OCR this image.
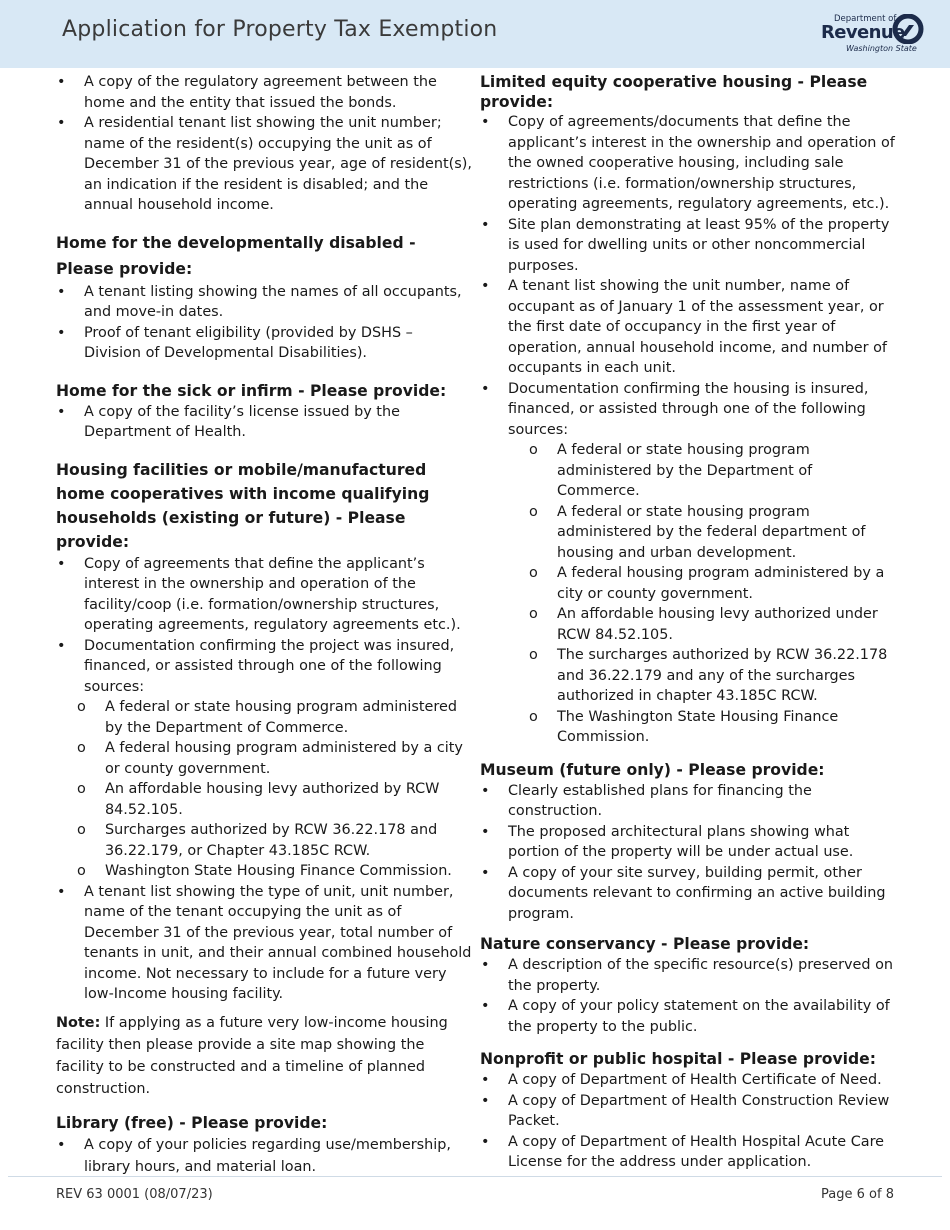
Application for Property Tax Exemption	Department of
Revenue
Washington State
• A copy of the regulatory agreement between the home and the entity that issued the bonds.
• A residential tenant list showing the unit number; name of the resident(s) occupying the unit as of December 31 of the previous year, age of resident(s), an indication if the resident is disabled; and the annual household income.
Home for the developmentally disabled - Please provide:
• A tenant listing showing the names of all occupants, and move-in dates.
• Proof of tenant eligibility (provided by DSHS – Division of Developmental Disabilities).
Home for the sick or infirm - Please provide:
• A copy of the facility’s license issued by the Department of Health.
Housing facilities or mobile/manufactured home cooperatives with income qualifying households (existing or future) - Please provide:
• Copy of agreements that define the applicant’s interest in the ownership and operation of the facility/coop (i.e. formation/ownership structures, operating agreements, regulatory agreements etc.).
• Documentation confirming the project was insured, financed, or assisted through one of the following sources:
o A federal or state housing program administered by the Department of Commerce.
o A federal housing program administered by a city or county government.
o An affordable housing levy authorized by RCW 84.52.105.
o Surcharges authorized by RCW 36.22.178 and 36.22.179, or Chapter 43.185C RCW.
o Washington State Housing Finance Commission.
• A tenant list showing the type of unit, unit number, name of the tenant occupying the unit as of December 31 of the previous year, total number of tenants in unit, and their annual combined household income. Not necessary to include for a future very low-Income housing facility.

Note: If applying as a future very low-income housing facility then please provide a site map showing the facility to be constructed and a timeline of planned construction.

Library (free) - Please provide:
• A copy of your policies regarding use/membership, library hours, and material loan.
Limited equity cooperative housing - Please provide:
• Copy of agreements/documents that define the applicant’s interest in the ownership and operation of the owned cooperative housing, including sale restrictions (i.e. formation/ownership structures, operating agreements, regulatory agreements, etc.).
• Site plan demonstrating at least 95% of the property is used for dwelling units or other noncommercial purposes.
• A tenant list showing the unit number, name of occupant as of January 1 of the assessment year, or the first date of occupancy in the first year of operation, annual household income, and number of occupants in each unit.
• Documentation confirming the housing is insured, financed, or assisted through one of the following sources:
o A federal or state housing program administered by the Department of Commerce.
o A federal or state housing program administered by the federal department of housing and urban development.
o A federal housing program administered by a city or county government.
o An affordable housing levy authorized under RCW 84.52.105.
o The surcharges authorized by RCW 36.22.178 and 36.22.179 and any of the surcharges authorized in chapter 43.185C RCW.
o The Washington State Housing Finance Commission.
Museum (future only) - Please provide:
• Clearly established plans for financing the construction.
• The proposed architectural plans showing what portion of the property will be under actual use.
• A copy of your site survey, building permit, other documents relevant to confirming an active building program.
Nature conservancy - Please provide:
• A description of the specific resource(s) preserved on the property.
• A copy of your policy statement on the availability of the property to the public.
Nonprofit or public hospital - Please provide:
• A copy of Department of Health Certificate of Need.
• A copy of Department of Health Construction Review Packet.
• A copy of Department of Health Hospital Acute Care License for the address under application.
REV 63 0001 (08/07/23)	Page 6 of 8
